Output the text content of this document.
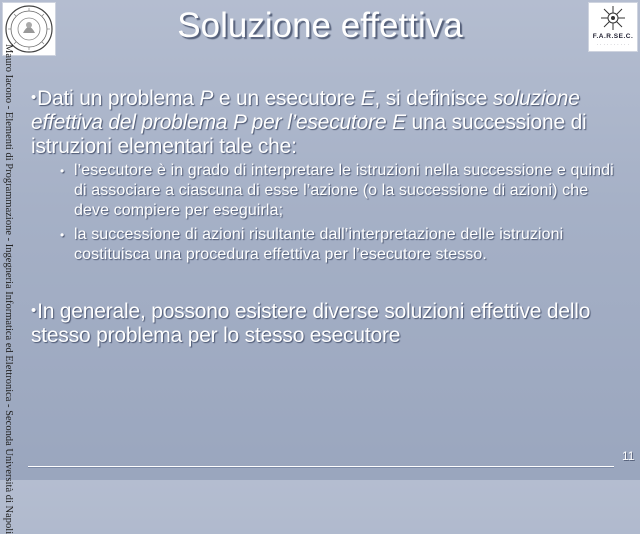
Soluzione effettiva	F.A.R.SE.C.
· · · · · · · · · ·
Mauro Iacono - Elementi di Programmazione - Ingegneria Informatica ed Elettronica - Seconda Università di Napoli •Dati un problema P e un esecutore E, si definisce soluzione effettiva del problema P per l’esecutore E una successione di istruzioni elementari tale che:

• l’esecutore è in grado di interpretare le istruzioni nella successione e quindi di associare a ciascuna di esse l’azione (o la successione di azioni) che deve compiere per eseguirla;
• la successione di azioni risultante dall’interpretazione delle istruzioni costituisca una procedura effettiva per l’esecutore stesso.

•In generale, possono esistere diverse soluzioni effettive dello stesso problema per lo stesso esecutore

11
